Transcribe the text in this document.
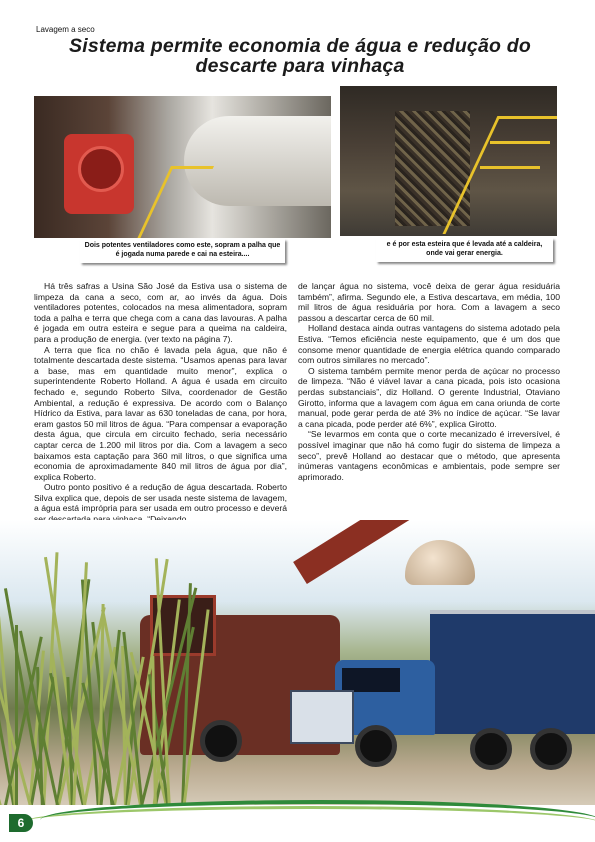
Lavagem a seco
Sistema permite economia de água e redução do descarte para vinhaça
Dois potentes ventiladores como este, sopram a palha que é jogada numa parede e cai na esteira....
e é por esta esteira que é levada até a caldeira, onde vai gerar energia.

Há três safras a Usina São José da Estiva usa o sistema de limpeza da cana a seco, com ar, ao invés da água. Dois ventiladores potentes, colocados na mesa alimentadora, sopram toda a palha e terra que chega com a cana das lavouras. A palha é jogada em outra esteira e segue para a queima na caldeira, para a produção de energia. (ver texto na página 7).

A terra que fica no chão é lavada pela água, que não é totalmente descartada deste sistema. “Usamos apenas para lavar a base, mas em quantidade muito menor”, explica o superintendente Roberto Holland. A água é usada em circuito fechado e, segundo Roberto Silva, coordenador de Gestão Ambiental, a redução é expressiva. De acordo com o Balanço Hídrico da Estiva, para lavar as 630 toneladas de cana, por hora, eram gastos 50 mil litros de água. “Para compensar a evaporação desta água, que circula em circuito fechado, seria necessário captar cerca de 1.200 mil litros por dia. Com a lavagem a seco baixamos esta captação para 360 mil litros, o que significa uma economia de aproximadamente 840 mil litros de água por dia”, explica Roberto.

Outro ponto positivo é a redução de água descartada. Roberto Silva explica que, depois de ser usada neste sistema de lavagem, a água está imprópria para ser usada em outro processo e deverá

de lançar água no sistema, você deixa de gerar água residuária também”, afirma. Segundo ele, a Estiva descartava, em média, 100 mil litros de água residuária por hora. Com a lavagem a seco passou a descartar cerca de 60 mil.

Holland destaca ainda outras vantagens do sistema adotado pela Estiva. “Temos eficiência neste equipamento, que é um dos que consome menor quantidade de energia elétrica quando comparado com outros similares no mercado”.

O sistema também permite menor perda de açúcar no processo de limpeza. “Não é viável lavar a cana picada, pois isto ocasiona perdas substanciais”, diz Holland. O gerente Industrial, Otaviano Girotto, informa que a lavagem com água em cana oriunda de corte manual, pode gerar perda de até 3% no índice de açúcar. “Se lavar a cana picada, pode perder até 6%”, explica Girotto.

“Se levarmos em conta que o corte mecanizado é irreversível, é possível imaginar que não há como fugir do sistema de limpeza a seco”, prevê Holland ao destacar que o método, que apresenta inúmeras vantagens econômicas e ambientais, pode sempre ser aprimorado.

6
